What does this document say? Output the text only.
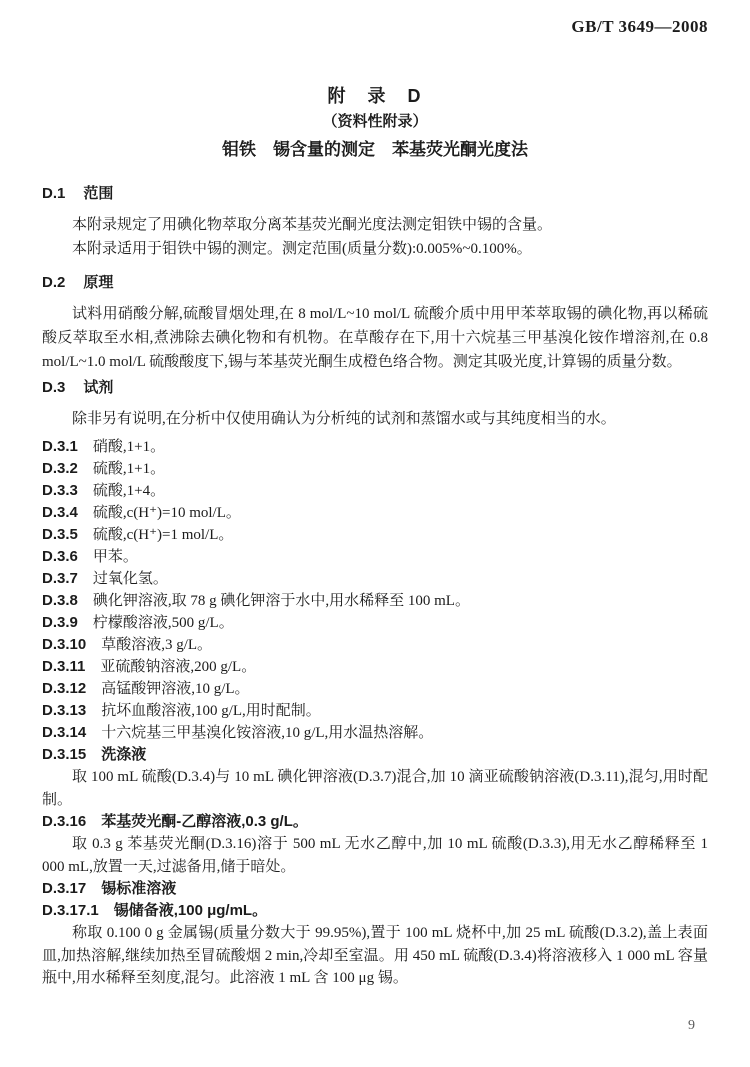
GB/T 3649—2008
附　录　D
（资料性附录）
钼铁　锡含量的测定　苯基荧光酮光度法
D.1 范围

本附录规定了用碘化物萃取分离苯基荧光酮光度法测定钼铁中锡的含量。

本附录适用于钼铁中锡的测定。测定范围(质量分数):0.005%~0.100%。

D.2 原理

试料用硝酸分解,硫酸冒烟处理,在 8 mol/L~10 mol/L 硫酸介质中用甲苯萃取锡的碘化物,再以稀硫酸反萃取至水相,煮沸除去碘化物和有机物。在草酸存在下,用十六烷基三甲基溴化铵作增溶剂,在 0.8 mol/L~1.0 mol/L 硫酸酸度下,锡与苯基荧光酮生成橙色络合物。测定其吸光度,计算锡的质量分数。

D.3 试剂

除非另有说明,在分析中仅使用确认为分析纯的试剂和蒸馏水或与其纯度相当的水。

D.3.1 硝酸,1+1。

D.3.2 硫酸,1+1。

D.3.3 硫酸,1+4。

D.3.4 硫酸,c(H⁺)=10 mol/L。

D.3.5 硫酸,c(H⁺)=1 mol/L。

D.3.6 甲苯。

D.3.7 过氧化氢。

D.3.8 碘化钾溶液,取 78 g 碘化钾溶于水中,用水稀释至 100 mL。

D.3.9 柠檬酸溶液,500 g/L。

D.3.10 草酸溶液,3 g/L。

D.3.11 亚硫酸钠溶液,200 g/L。

D.3.12 高锰酸钾溶液,10 g/L。

D.3.13 抗坏血酸溶液,100 g/L,用时配制。

D.3.14 十六烷基三甲基溴化铵溶液,10 g/L,用水温热溶解。

D.3.15 洗涤液

取 100 mL 硫酸(D.3.4)与 10 mL 碘化钾溶液(D.3.7)混合,加 10 滴亚硫酸钠溶液(D.3.11),混匀,用时配制。

D.3.16 苯基荧光酮-乙醇溶液,0.3 g/L。

取 0.3 g 苯基荧光酮(D.3.16)溶于 500 mL 无水乙醇中,加 10 mL 硫酸(D.3.3),用无水乙醇稀释至 1 000 mL,放置一天,过滤备用,储于暗处。

D.3.17 锡标准溶液

D.3.17.1 锡储备液,100 μg/mL。

称取 0.100 0 g 金属锡(质量分数大于 99.95%),置于 100 mL 烧杯中,加 25 mL 硫酸(D.3.2),盖上表面皿,加热溶解,继续加热至冒硫酸烟 2 min,冷却至室温。用 450 mL 硫酸(D.3.4)将溶液移入 1 000 mL 容量瓶中,用水稀释至刻度,混匀。此溶液 1 mL 含 100 μg 锡。

9
